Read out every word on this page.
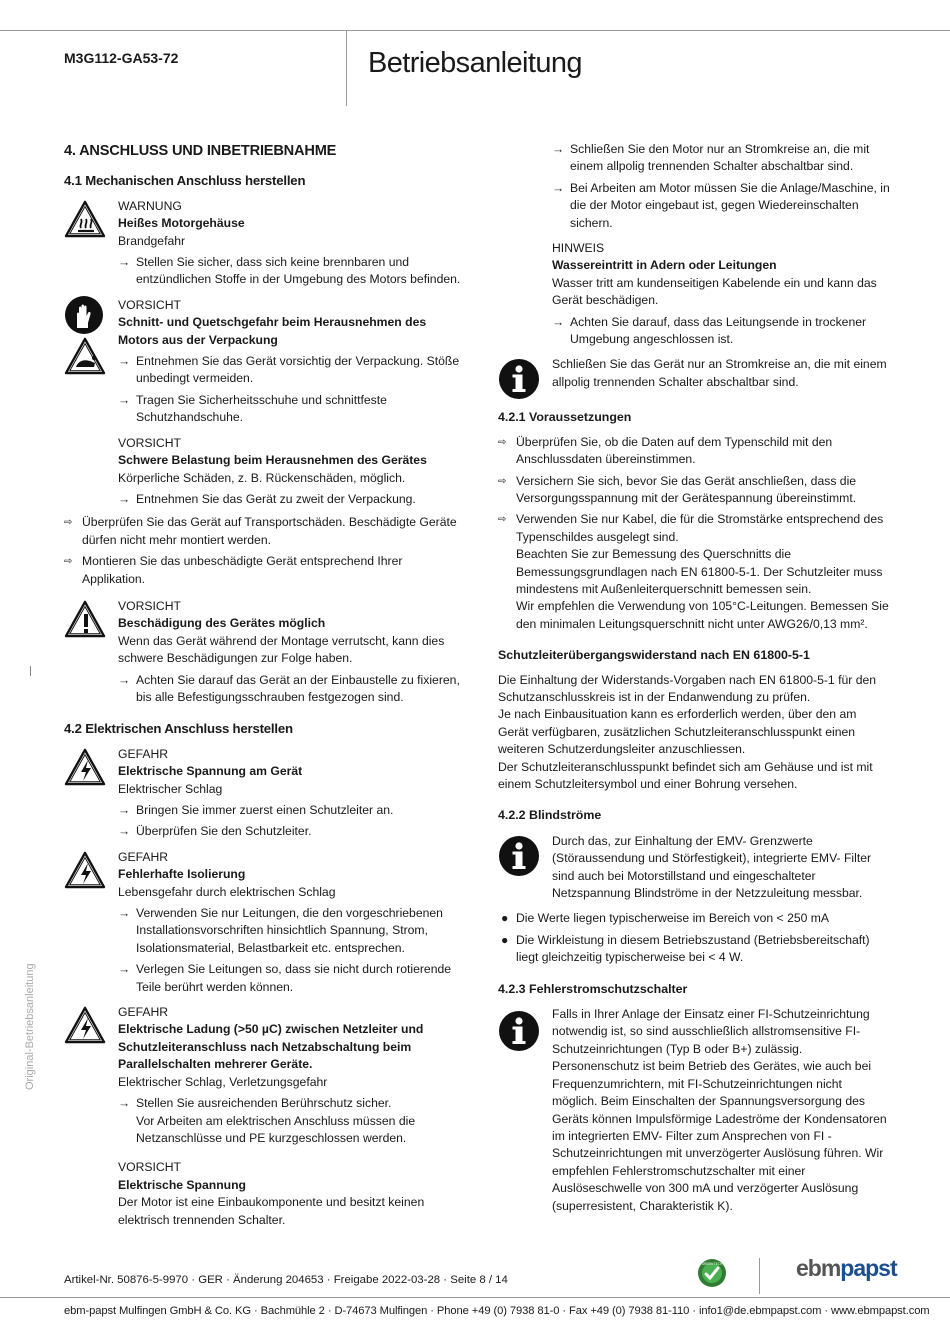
M3G112-GA53-72	Betriebsanleitung
Original-Betriebsanleitung
4. ANSCHLUSS UND INBETRIEBNAHME
4.1 Mechanischen Anschluss herstellen
WARNUNG
Heißes Motorgehäuse
Brandgefahr
→ Stellen Sie sicher, dass sich keine brennbaren und entzündlichen Stoffe in der Umgebung des Motors befinden.
VORSICHT
Schnitt- und Quetschgefahr beim Herausnehmen des Motors aus der Verpackung
→ Entnehmen Sie das Gerät vorsichtig der Verpackung. Stöße unbedingt vermeiden.
→ Tragen Sie Sicherheitsschuhe und schnittfeste Schutzhandschuhe.
VORSICHT
Schwere Belastung beim Herausnehmen des Gerätes
Körperliche Schäden, z. B. Rückenschäden, möglich.
→ Entnehmen Sie das Gerät zu zweit der Verpackung.
⇨ Überprüfen Sie das Gerät auf Transportschäden. Beschädigte Geräte dürfen nicht mehr montiert werden.
⇨ Montieren Sie das unbeschädigte Gerät entsprechend Ihrer Applikation.
VORSICHT
Beschädigung des Gerätes möglich
Wenn das Gerät während der Montage verrutscht, kann dies schwere Beschädigungen zur Folge haben.
→ Achten Sie darauf das Gerät an der Einbaustelle zu fixieren, bis alle Befestigungsschrauben festgezogen sind.
4.2 Elektrischen Anschluss herstellen
GEFAHR
Elektrische Spannung am Gerät
Elektrischer Schlag
→ Bringen Sie immer zuerst einen Schutzleiter an.
→ Überprüfen Sie den Schutzleiter.
GEFAHR
Fehlerhafte Isolierung
Lebensgefahr durch elektrischen Schlag
→ Verwenden Sie nur Leitungen, die den vorgeschriebenen Installationsvorschriften hinsichtlich Spannung, Strom, Isolationsmaterial, Belastbarkeit etc. entsprechen.
→ Verlegen Sie Leitungen so, dass sie nicht durch rotierende Teile berührt werden können.
GEFAHR
Elektrische Ladung (>50 µC) zwischen Netzleiter und Schutzleiteranschluss nach Netzabschaltung beim Parallelschalten mehrerer Geräte.
Elektrischer Schlag, Verletzungsgefahr
→ Stellen Sie ausreichenden Berührschutz sicher.
Vor Arbeiten am elektrischen Anschluss müssen die Netzanschlüsse und PE kurzgeschlossen werden.
VORSICHT
Elektrische Spannung
Der Motor ist eine Einbaukomponente und besitzt keinen elektrisch trennenden Schalter.
→ Schließen Sie den Motor nur an Stromkreise an, die mit einem allpolig trennenden Schalter abschaltbar sind.
→ Bei Arbeiten am Motor müssen Sie die Anlage/Maschine, in die der Motor eingebaut ist, gegen Wiedereinschalten sichern.
HINWEIS
Wassereintritt in Adern oder Leitungen
Wasser tritt am kundenseitigen Kabelende ein und kann das Gerät beschädigen.
→ Achten Sie darauf, dass das Leitungsende in trockener Umgebung angeschlossen ist.
Schließen Sie das Gerät nur an Stromkreise an, die mit einem allpolig trennenden Schalter abschaltbar sind.
4.2.1 Voraussetzungen
⇨ Überprüfen Sie, ob die Daten auf dem Typenschild mit den Anschlussdaten übereinstimmen.
⇨ Versichern Sie sich, bevor Sie das Gerät anschließen, dass die Versorgungsspannung mit der Gerätespannung übereinstimmt.
⇨ Verwenden Sie nur Kabel, die für die Stromstärke entsprechend des Typenschildes ausgelegt sind.
Beachten Sie zur Bemessung des Querschnitts die Bemessungsgrundlagen nach EN 61800-5-1. Der Schutzleiter muss mindestens mit Außenleiterquerschnitt bemessen sein.
Wir empfehlen die Verwendung von 105°C-Leitungen. Bemessen Sie den minimalen Leitungsquerschnitt nicht unter AWG26/0,13 mm².
Schutzleiterübergangswiderstand nach EN 61800-5-1
Die Einhaltung der Widerstands-Vorgaben nach EN 61800-5-1 für den Schutzanschlusskreis ist in der Endanwendung zu prüfen.
Je nach Einbausituation kann es erforderlich werden, über den am Gerät verfügbaren, zusätzlichen Schutzleiteranschlusspunkt einen weiteren Schutzerdungsleiter anzuschliessen.
Der Schutzleiteranschlusspunkt befindet sich am Gehäuse und ist mit einem Schutzleitersymbol und einer Bohrung versehen.
4.2.2 Blindströme
Durch das, zur Einhaltung der EMV- Grenzwerte (Störaussendung und Störfestigkeit), integrierte EMV- Filter sind auch bei Motorstillstand und eingeschalteter Netzspannung Blindströme in der Netzzuleitung messbar.
● Die Werte liegen typischerweise im Bereich von < 250 mA
● Die Wirkleistung in diesem Betriebszustand (Betriebsbereitschaft) liegt gleichzeitig typischerweise bei < 4 W.
4.2.3 Fehlerstromschutzschalter
Falls in Ihrer Anlage der Einsatz einer FI-Schutzeinrichtung notwendig ist, so sind ausschließlich allstromsensitive FI-Schutzeinrichtungen (Typ B oder B+) zulässig. Personenschutz ist beim Betrieb des Gerätes, wie auch bei Frequenzumrichtern, mit FI-Schutzeinrichtungen nicht möglich. Beim Einschalten der Spannungsversorgung des Geräts können Impulsförmige Ladeströme der Kondensatoren im integrierten EMV- Filter zum Ansprechen von FI - Schutzeinrichtungen mit unverzögerter Auslösung führen. Wir empfehlen Fehlerstromschutzschalter mit einer Auslöseschwelle von 300 mA und verzögerter Auslösung (superresistent, Charakteristik K).
Artikel-Nr. 50876-5-9970 · GER · Änderung 204653 · Freigabe 2022-03-28 · Seite 8 / 14
GREEN TECH	ebmpapst
ebm-papst Mulfingen GmbH & Co. KG · Bachmühle 2 · D-74673 Mulfingen · Phone +49 (0) 7938 81-0 · Fax +49 (0) 7938 81-110 · info1@de.ebmpapst.com · www.ebmpapst.com
